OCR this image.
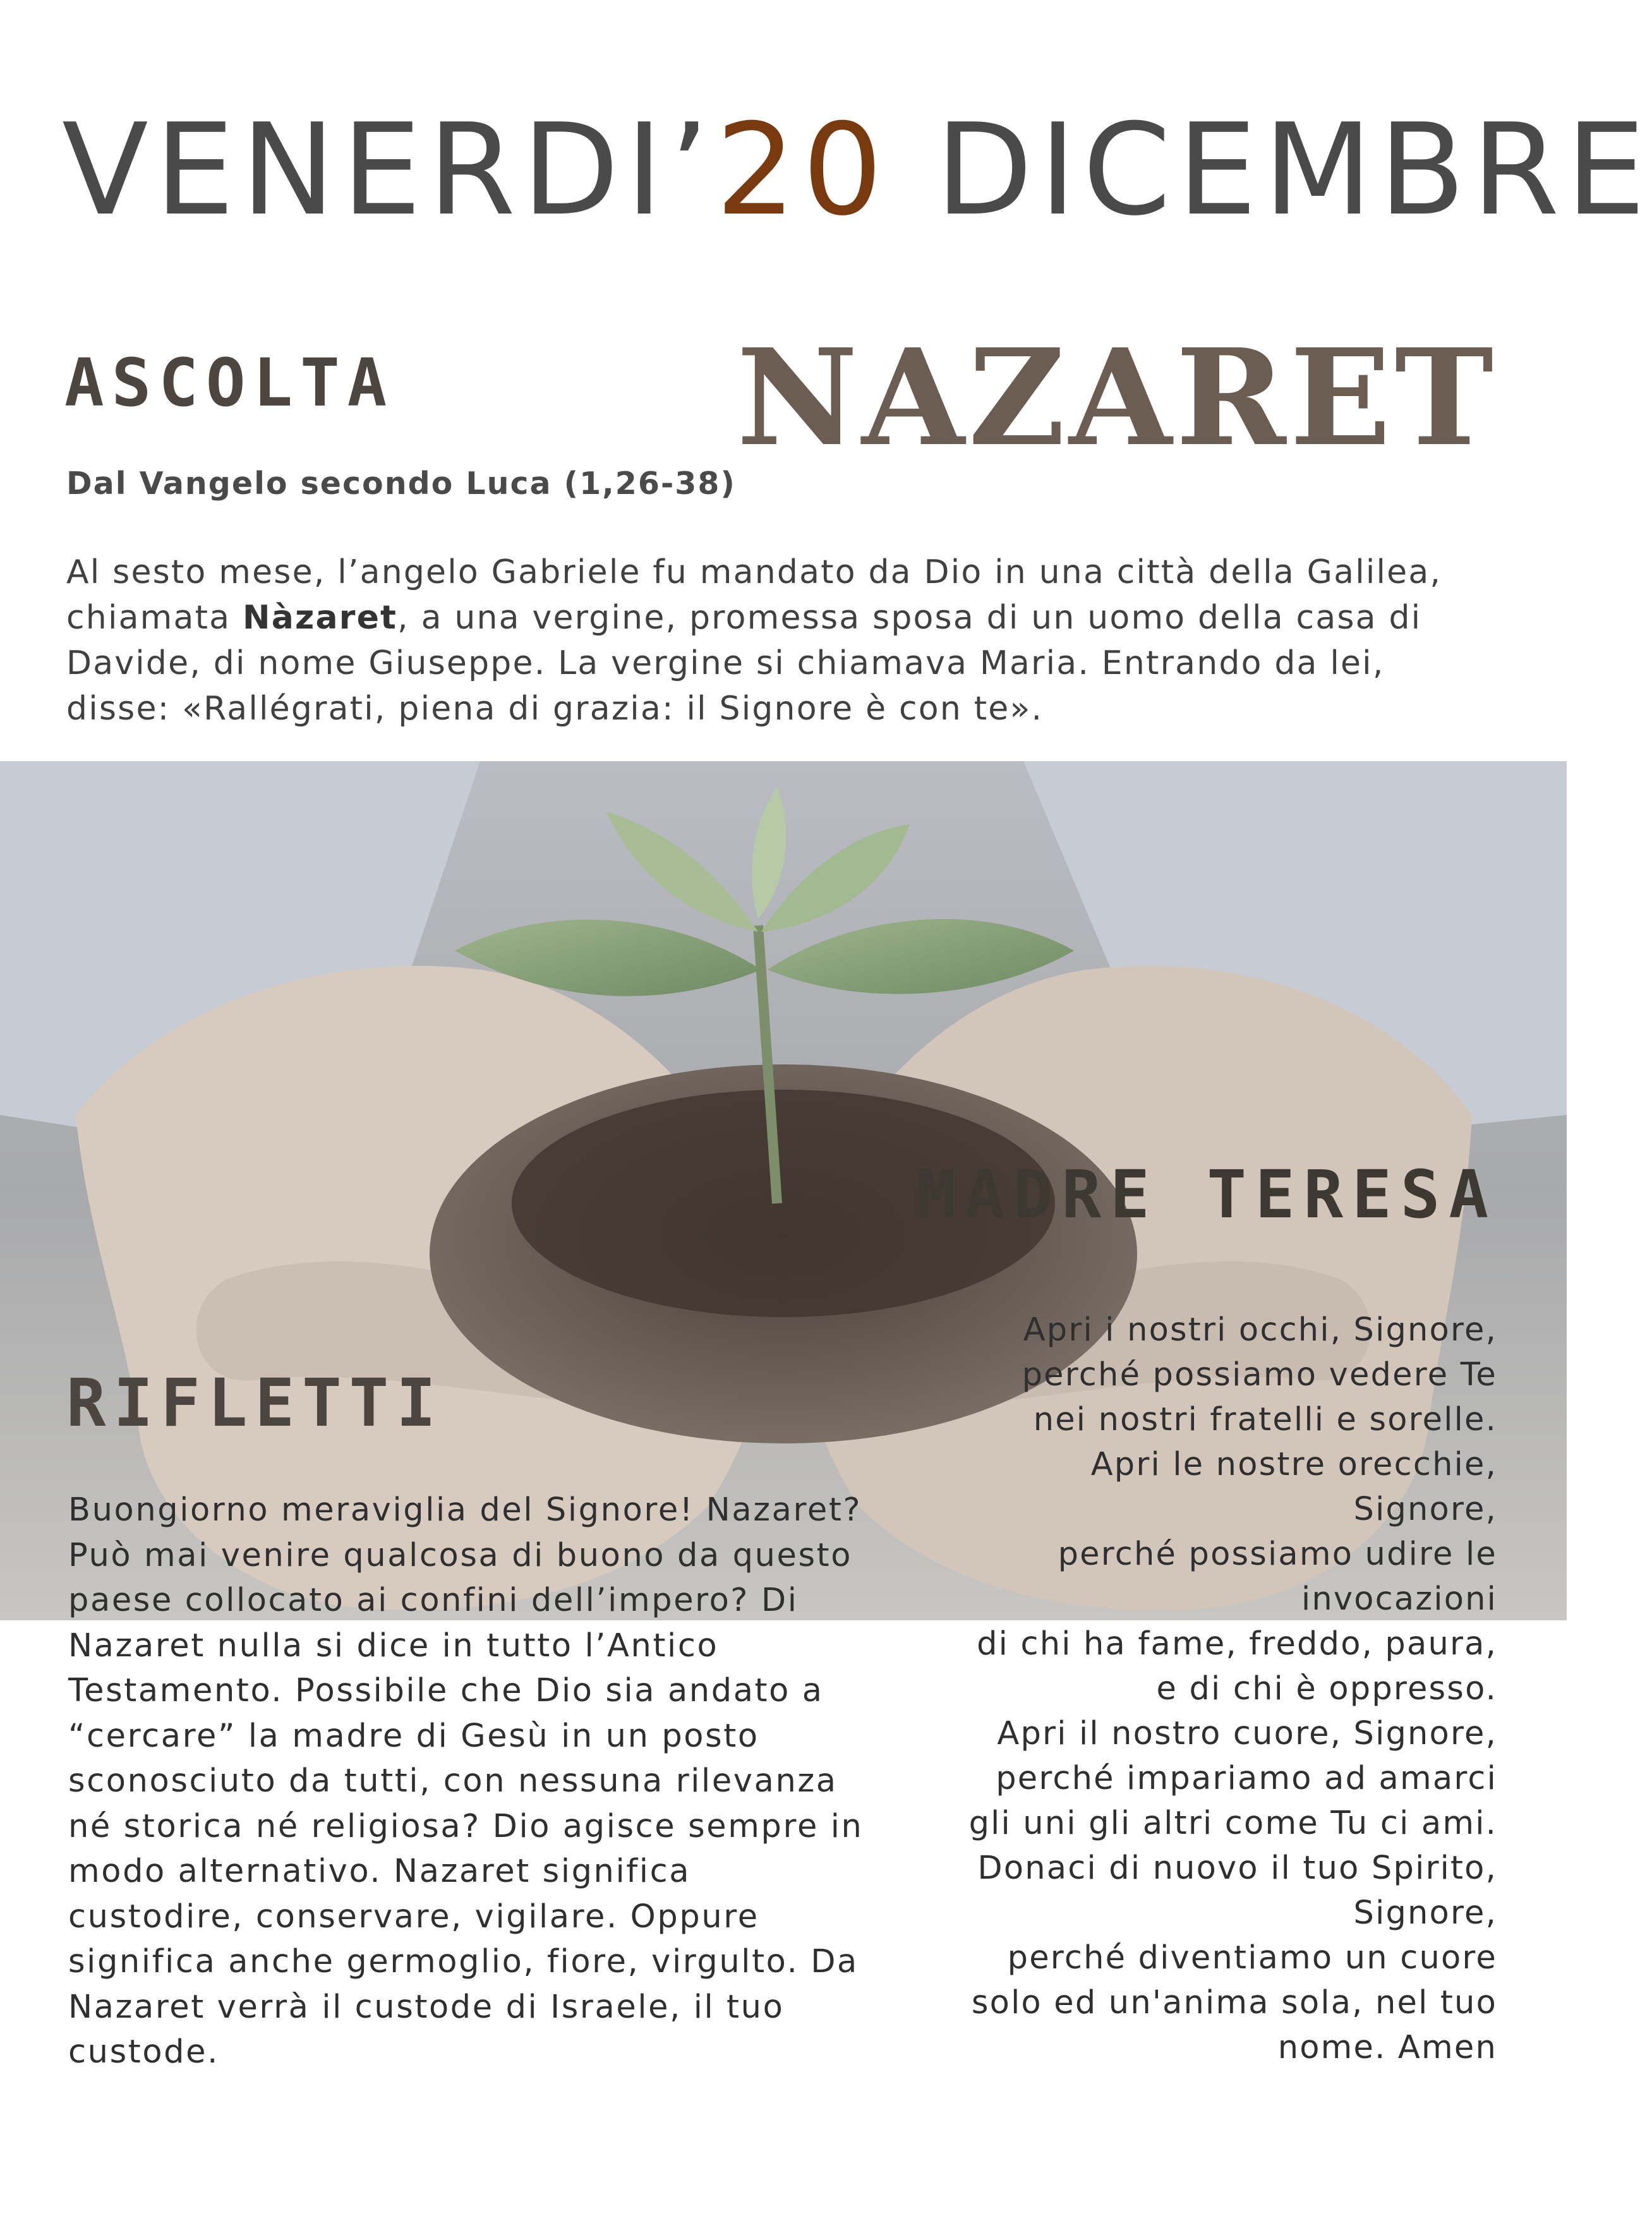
VENERDI’20 DICEMBRE
ASCOLTA	NAZARET
Dal Vangelo secondo Luca (1,26-38)
Al sesto mese, l’angelo Gabriele fu mandato da Dio in una città della Galilea,
chiamata Nàzaret, a una vergine, promessa sposa di un uomo della casa di
Davide, di nome Giuseppe. La vergine si chiamava Maria. Entrando da lei,
disse: «Rallégrati, piena di grazia: il Signore è con te».
MADRE TERESA
RIFLETTI
Buongiorno meraviglia del Signore! Nazaret?
Può mai venire qualcosa di buono da questo
paese collocato ai confini dell’impero? Di
Nazaret nulla si dice in tutto l’Antico
Testamento. Possibile che Dio sia andato a
“cercare” la madre di Gesù in un posto
sconosciuto da tutti, con nessuna rilevanza
né storica né religiosa? Dio agisce sempre in
modo alternativo. Nazaret significa
custodire, conservare, vigilare. Oppure
significa anche germoglio, fiore, virgulto. Da
Nazaret verrà il custode di Israele, il tuo
custode.
Apri i nostri occhi, Signore,
perché possiamo vedere Te
nei nostri fratelli e sorelle.
Apri le nostre orecchie,
Signore,
perché possiamo udire le
invocazioni
di chi ha fame, freddo, paura,
e di chi è oppresso.
Apri il nostro cuore, Signore,
perché impariamo ad amarci
gli uni gli altri come Tu ci ami.
Donaci di nuovo il tuo Spirito,
Signore,
perché diventiamo un cuore
solo ed un'anima sola, nel tuo
nome. Amen
